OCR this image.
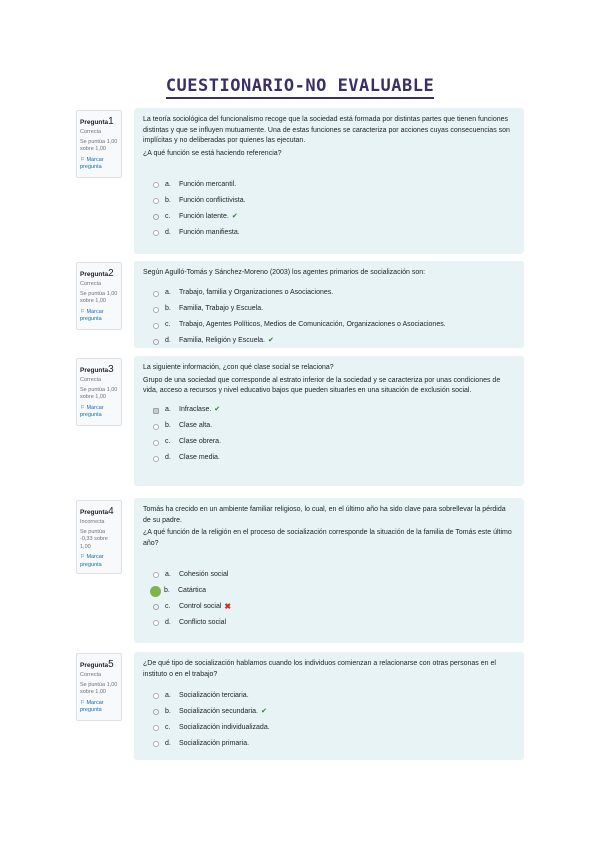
CUESTIONARIO-NO EVALUABLE
Pregunta1
Correcta
Se puntúa 1,00 sobre 1,00
⚐ Marcar pregunta

La teoría sociológica del funcionalismo recoge que la sociedad está formada por distintas partes que tienen funciones distintas y que se influyen mutuamente. Una de estas funciones se caracteriza por acciones cuyas consecuencias son implícitas y no deliberadas por quienes las ejecutan.

¿A qué función se está haciendo referencia?

a.	Función mercantil.
b.	Función conflictivista.
c.	Función latente. ✔
d.	Función manifiesta.
Pregunta2
Correcta
Se puntúa 1,00 sobre 1,00
⚐ Marcar pregunta

Según Agulló-Tomás y Sánchez-Moreno (2003) los agentes primarios de socialización son:

a.	Trabajo, familia y Organizaciones o Asociaciones.
b.	Familia, Trabajo y Escuela.
c.	Trabajo, Agentes Políticos, Medios de Comunicación, Organizaciones o Asociaciones.
d.	Familia, Religión y Escuela. ✔
Pregunta3
Correcta
Se puntúa 1,00 sobre 1,00
⚐ Marcar pregunta

La siguiente información, ¿con qué clase social se relaciona?

Grupo de una sociedad que corresponde al estrato inferior de la sociedad y se caracteriza por unas condiciones de vida, acceso a recursos y nivel educativo bajos que pueden situarles en una situación de exclusión social.

a.	Infraclase. ✔
b.	Clase alta.
c.	Clase obrera.
d.	Clase media.
Pregunta4
Incorrecta
Se puntúa -0,33 sobre 1,00
⚐ Marcar pregunta

Tomás ha crecido en un ambiente familiar religioso, lo cual, en el último año ha sido clave para sobrellevar la pérdida de su padre.

¿A qué función de la religión en el proceso de socialización corresponde la situación de la familia de Tomás este último año?

a.	Cohesión social
b.	Catártica
c.	Control social ✖
d.	Conflicto social
Pregunta5
Correcta
Se puntúa 1,00 sobre 1,00
⚐ Marcar pregunta

¿De qué tipo de socialización hablamos cuando los individuos comienzan a relacionarse con otras personas en el instituto o en el trabajo?

a.	Socialización terciaria.
b.	Socialización secundaria. ✔
c.	Socialización individualizada.
d.	Socialización primaria.
